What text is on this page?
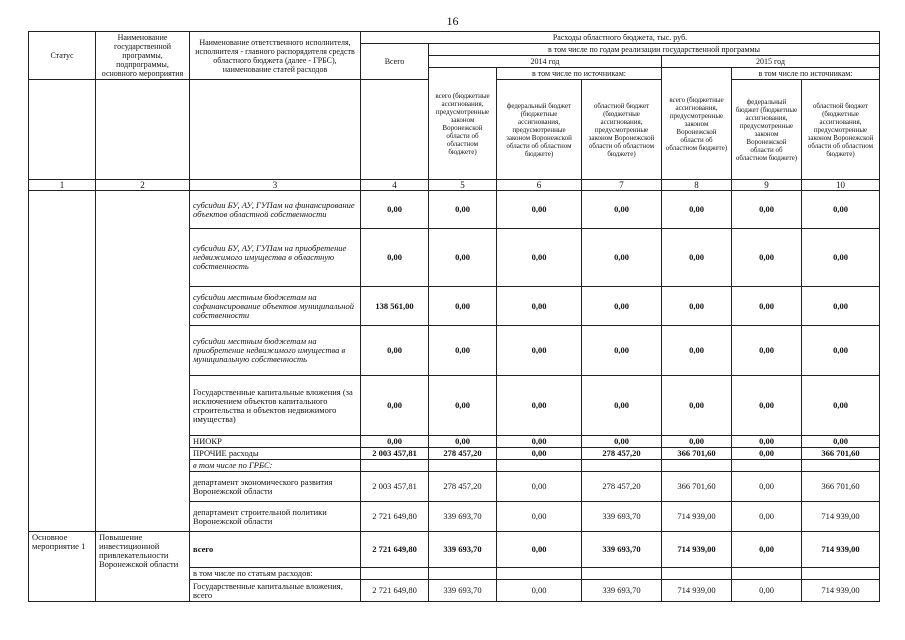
16
Статус	Наименование государственной программы, подпрограммы, основного мероприятия	Наименование ответственного исполнителя, исполнителя - главного распорядителя средств областного бюджета (далее - ГРБС), наименование статей расходов	Расходы областного бюджета, тыс. руб.						
			Всего	в том числе по годам реализации государственной программы					
				2014 год			2015 год		
				всего (бюджетные ассигнования, предусмотренные законом Воронежской области об областном бюджете)	в том числе по источникам:		всего (бюджетные ассигнования, предусмотренные законом Воронежской области об областном бюджете)	в том числе по источникам:	
					федеральный бюджет (бюджетные ассигнования, предусмотренные законом Воронежской области об областном бюджете)	областной бюджет (бюджетные ассигнования, предусмотренные законом Воронежской области об областном бюджете)		федеральный бюджет (бюджетные ассигнования, предусмотренные законом Воронежской области об областном бюджете)	областной бюджет (бюджетные ассигнования, предусмотренные законом Воронежской области об областном бюджете)
1	2	3	4	5	6	7	8	9	10
		субсидии БУ, АУ, ГУПам на финансирование объектов областной собственности	0,00	0,00	0,00	0,00	0,00	0,00	0,00
		субсидии БУ, АУ, ГУПам на приобретение недвижимого имущества в областную собственность	0,00	0,00	0,00	0,00	0,00	0,00	0,00
		субсидии местным бюджетам на софинансирование объектов муниципальной собственности	138 561,00	0,00	0,00	0,00	0,00	0,00	0,00
		субсидии местным бюджетам на приобретение недвижимого имущества в муниципальную собственность	0,00	0,00	0,00	0,00	0,00	0,00	0,00
		Государственные капитальные вложения (за исключением объектов капитального строительства и объектов недвижимого имущества)	0,00	0,00	0,00	0,00	0,00	0,00	0,00
		НИОКР	0,00	0,00	0,00	0,00	0,00	0,00	0,00
		ПРОЧИЕ расходы	2 003 457,81	278 457,20	0,00	278 457,20	366 701,60	0,00	366 701,60
		в том числе по ГРБС:							
		департамент экономического развития Воронежской области	2 003 457,81	278 457,20	0,00	278 457,20	366 701,60	0,00	366 701,60
		департамент строительной политики Воронежской области	2 721 649,80	339 693,70	0,00	339 693,70	714 939,00	0,00	714 939,00
Основное мероприятие 1	Повышение инвестиционной привлекательности Воронежской области	всего	2 721 649,80	339 693,70	0,00	339 693,70	714 939,00	0,00	714 939,00
		в том числе по статьям расходов:							
		Государственные капитальные вложения, всего	2 721 649,80	339 693,70	0,00	339 693,70	714 939,00	0,00	714 939,00
